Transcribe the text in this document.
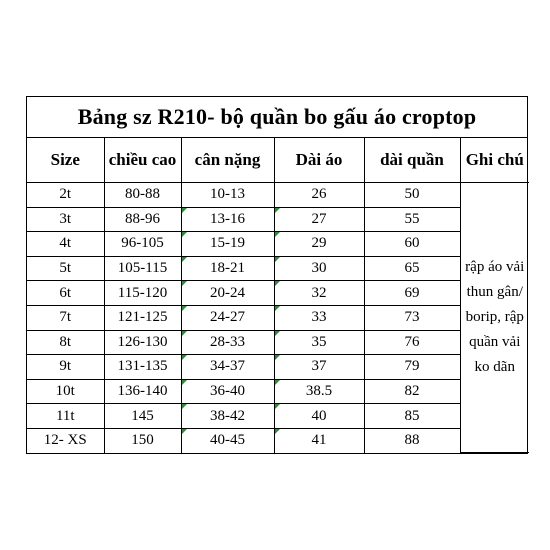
Bảng sz R210- bộ quần bo gấu áo croptop
Size	chiều cao	cân nặng	Dài áo	dài quần	Ghi chú
2t	80-88	10-13	26	50	rập áo vải thun gân/ borip, rập quần vải ko dãn
3t	88-96	13-16	27	55	
4t	96-105	15-19	29	60	
5t	105-115	18-21	30	65	
6t	115-120	20-24	32	69	
7t	121-125	24-27	33	73	
8t	126-130	28-33	35	76	
9t	131-135	34-37	37	79	
10t	136-140	36-40	38.5	82	
11t	145	38-42	40	85	
12- XS	150	40-45	41	88	
